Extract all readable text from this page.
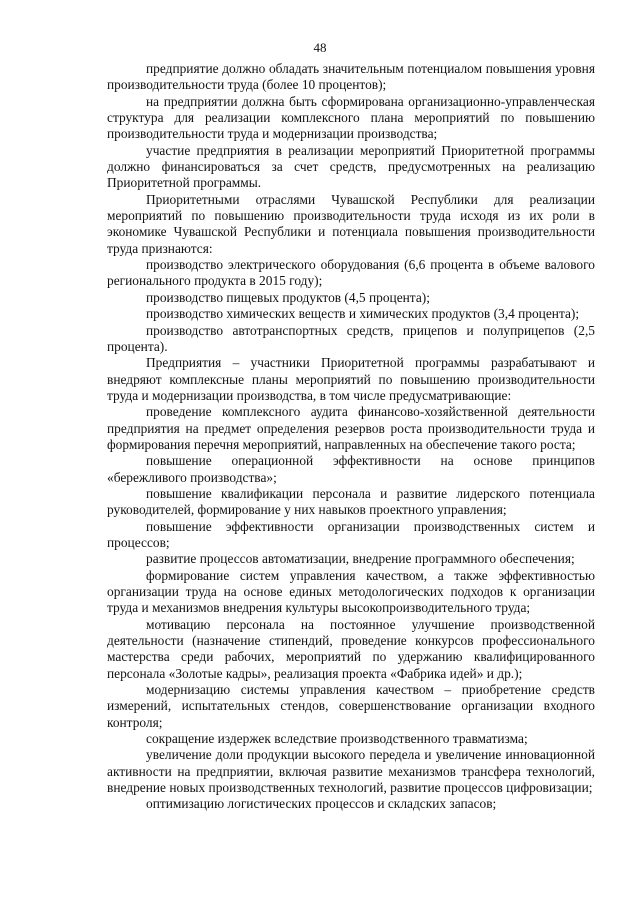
48

предприятие должно обладать значительным потенциалом повышения уровня производительности труда (более 10 процентов);

на предприятии должна быть сформирована организационно-управленческая структура для реализации комплексного плана мероприятий по повышению производительности труда и модернизации производства;

участие предприятия в реализации мероприятий Приоритетной программы должно финансироваться за счет средств, предусмотренных на реализацию Приоритетной программы.

Приоритетными отраслями Чувашской Республики для реализации мероприятий по повышению производительности труда исходя из их роли в экономике Чувашской Республики и потенциала повышения производительности труда признаются:

производство электрического оборудования (6,6 процента в объеме валового регионального продукта в 2015 году);

производство пищевых продуктов (4,5 процента);

производство химических веществ и химических продуктов (3,4 процента);

производство автотранспортных средств, прицепов и полуприцепов (2,5 процента).

Предприятия – участники Приоритетной программы разрабатывают и внедряют комплексные планы мероприятий по повышению производительности труда и модернизации производства, в том числе предусматривающие:

проведение комплексного аудита финансово-хозяйственной деятельности предприятия на предмет определения резервов роста производительности труда и формирования перечня мероприятий, направленных на обеспечение такого роста;

повышение операционной эффективности на основе принципов «бережливого производства»;

повышение квалификации персонала и развитие лидерского потенциала руководителей, формирование у них навыков проектного управления;

повышение эффективности организации производственных систем и процессов;

развитие процессов автоматизации, внедрение программного обеспечения;

формирование систем управления качеством, а также эффективностью организации труда на основе единых методологических подходов к организации труда и механизмов внедрения культуры высокопроизводительного труда;

мотивацию персонала на постоянное улучшение производственной деятельности (назначение стипендий, проведение конкурсов профессионального мастерства среди рабочих, мероприятий по удержанию квалифицированного персонала «Золотые кадры», реализация проекта «Фабрика идей» и др.);

модернизацию системы управления качеством – приобретение средств измерений, испытательных стендов, совершенствование организации входного контроля;

сокращение издержек вследствие производственного травматизма;

увеличение доли продукции высокого передела и увеличение инновационной активности на предприятии, включая развитие механизмов трансфера технологий, внедрение новых производственных технологий, развитие процессов цифровизации;

оптимизацию логистических процессов и складских запасов;
